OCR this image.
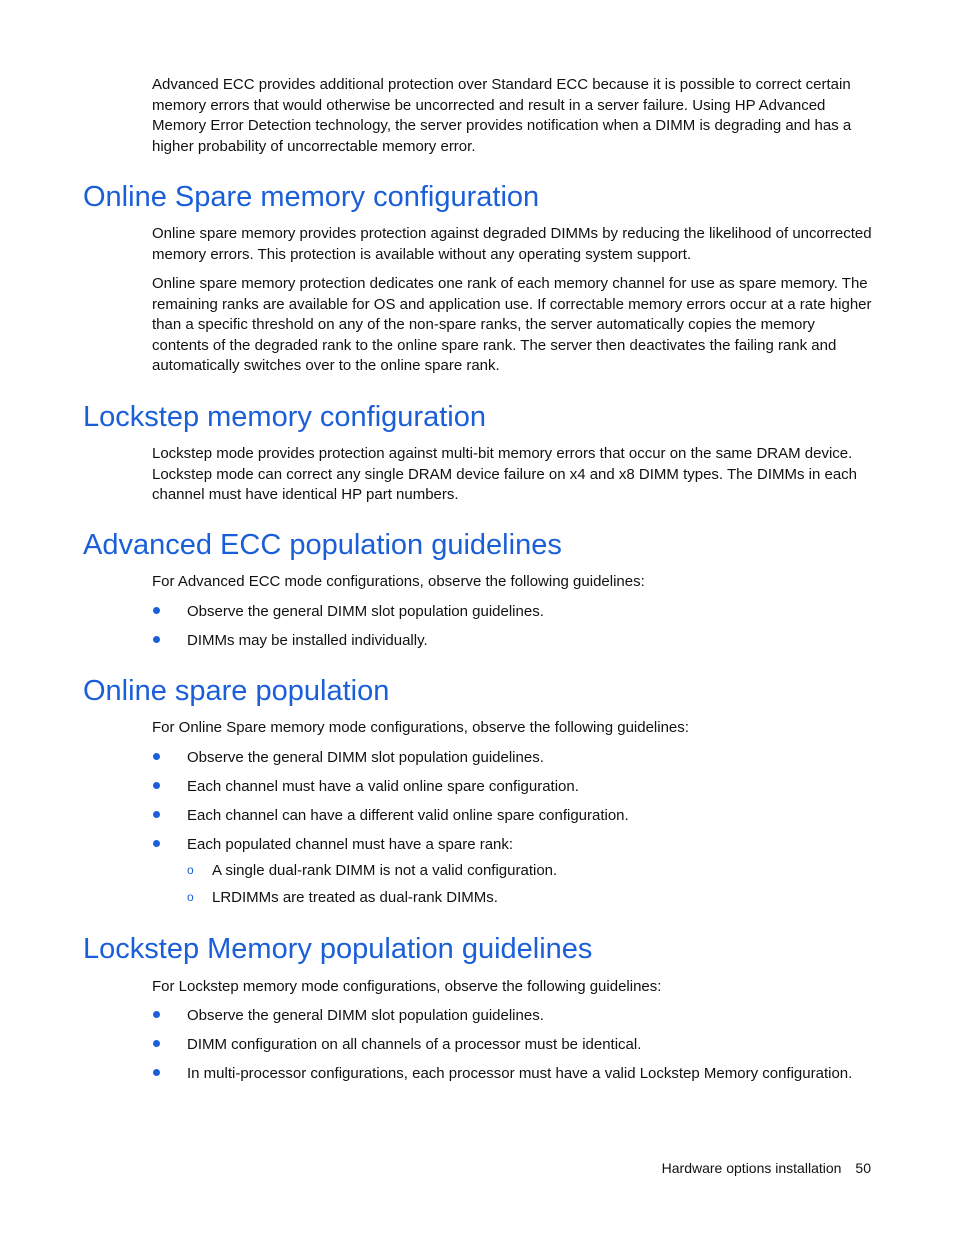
Advanced ECC provides additional protection over Standard ECC because it is possible to correct certain memory errors that would otherwise be uncorrected and result in a server failure. Using HP Advanced Memory Error Detection technology, the server provides notification when a DIMM is degrading and has a higher probability of uncorrectable memory error.

Online Spare memory configuration

Online spare memory provides protection against degraded DIMMs by reducing the likelihood of uncorrected memory errors. This protection is available without any operating system support.

Online spare memory protection dedicates one rank of each memory channel for use as spare memory. The remaining ranks are available for OS and application use. If correctable memory errors occur at a rate higher than a specific threshold on any of the non-spare ranks, the server automatically copies the memory contents of the degraded rank to the online spare rank. The server then deactivates the failing rank and automatically switches over to the online spare rank.

Lockstep memory configuration

Lockstep mode provides protection against multi-bit memory errors that occur on the same DRAM device. Lockstep mode can correct any single DRAM device failure on x4 and x8 DIMM types. The DIMMs in each channel must have identical HP part numbers.

Advanced ECC population guidelines

For Advanced ECC mode configurations, observe the following guidelines:

Observe the general DIMM slot population guidelines.
DIMMs may be installed individually.
Online spare population

For Online Spare memory mode configurations, observe the following guidelines:

Observe the general DIMM slot population guidelines.
Each channel must have a valid online spare configuration.
Each channel can have a different valid online spare configuration.
Each populated channel must have a spare rank:
o A single dual-rank DIMM is not a valid configuration.
o LRDIMMs are treated as dual-rank DIMMs.
Lockstep Memory population guidelines

For Lockstep memory mode configurations, observe the following guidelines:

Observe the general DIMM slot population guidelines.
DIMM configuration on all channels of a processor must be identical.
In multi-processor configurations, each processor must have a valid Lockstep Memory configuration.
Hardware options installation 50
